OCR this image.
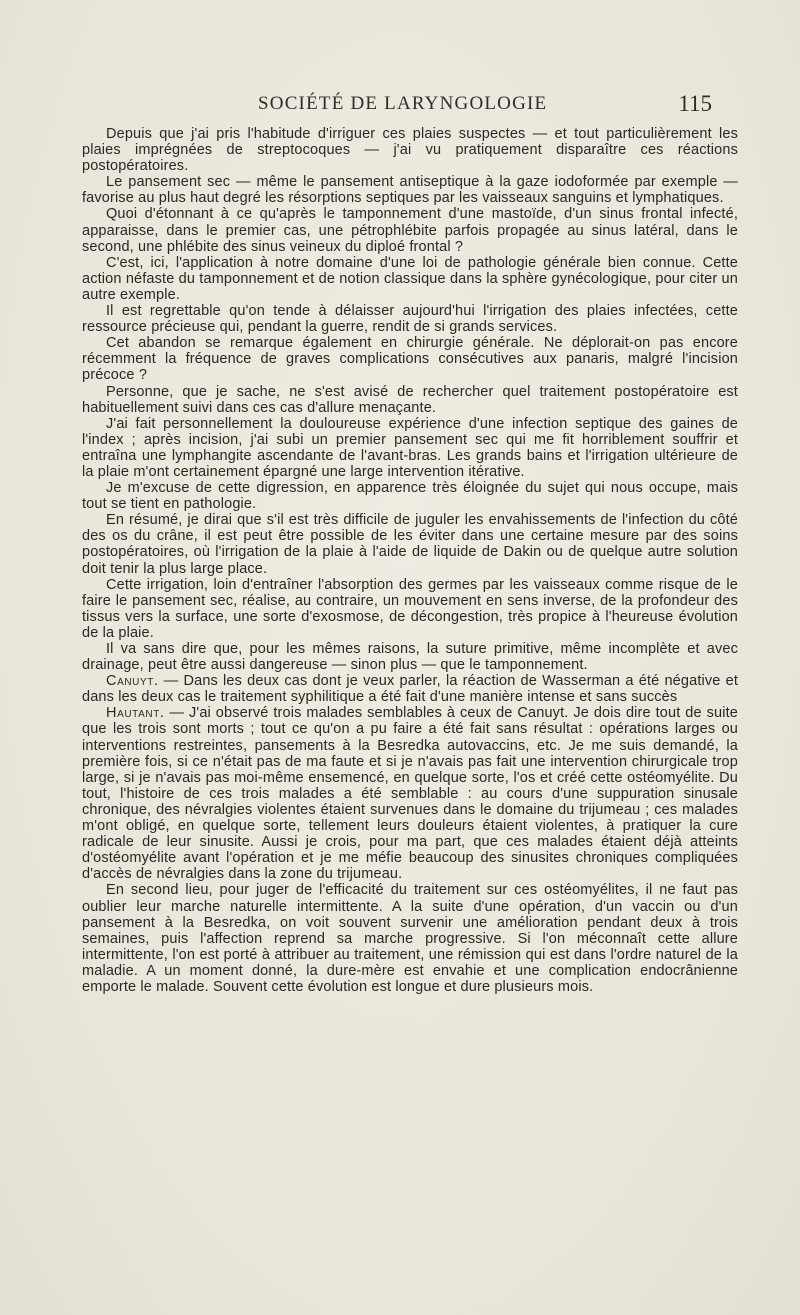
SOCIÉTÉ DE LARYNGOLOGIE	115

Depuis que j'ai pris l'habitude d'irriguer ces plaies suspectes — et tout particulièrement les plaies imprégnées de streptocoques — j'ai vu pratiquement disparaître ces réactions postopératoires.

Le pansement sec — même le pansement antiseptique à la gaze iodoformée par exemple — favorise au plus haut degré les résorptions septiques par les vaisseaux sanguins et lymphatiques.

Quoi d'étonnant à ce qu'après le tamponnement d'une mastoïde, d'un sinus frontal infecté, apparaisse, dans le premier cas, une pétrophlébite parfois propagée au sinus latéral, dans le second, une phlébite des sinus veineux du diploé frontal ?

C'est, ici, l'application à notre domaine d'une loi de pathologie générale bien connue. Cette action néfaste du tamponnement et de notion classique dans la sphère gynécologique, pour citer un autre exemple.

Il est regrettable qu'on tende à délaisser aujourd'hui l'irrigation des plaies infectées, cette ressource précieuse qui, pendant la guerre, rendit de si grands services.

Cet abandon se remarque également en chirurgie générale. Ne déplorait-on pas encore récemment la fréquence de graves complications consécutives aux panaris, malgré l'incision précoce ?

Personne, que je sache, ne s'est avisé de rechercher quel traitement postopératoire est habituellement suivi dans ces cas d'allure menaçante.

J'ai fait personnellement la douloureuse expérience d'une infection septique des gaines de l'index ; après incision, j'ai subi un premier pansement sec qui me fit horriblement souffrir et entraîna une lymphangite ascendante de l'avant-bras. Les grands bains et l'irrigation ultérieure de la plaie m'ont certainement épargné une large intervention itérative.

Je m'excuse de cette digression, en apparence très éloignée du sujet qui nous occupe, mais tout se tient en pathologie.

En résumé, je dirai que s'il est très difficile de juguler les envahissements de l'infection du côté des os du crâne, il est peut être possible de les éviter dans une certaine mesure par des soins postopératoires, où l'irrigation de la plaie à l'aide de liquide de Dakin ou de quelque autre solution doit tenir la plus large place.

Cette irrigation, loin d'entraîner l'absorption des germes par les vaisseaux comme risque de le faire le pansement sec, réalise, au contraire, un mouvement en sens inverse, de la profondeur des tissus vers la surface, une sorte d'exosmose, de décongestion, très propice à l'heureuse évolution de la plaie.

Il va sans dire que, pour les mêmes raisons, la suture primitive, même incomplète et avec drainage, peut être aussi dangereuse — sinon plus — que le tamponnement.

Canuyt. — Dans les deux cas dont je veux parler, la réaction de Wasserman a été négative et dans les deux cas le traitement syphilitique a été fait d'une manière intense et sans succès

Hautant. — J'ai observé trois malades semblables à ceux de Canuyt. Je dois dire tout de suite que les trois sont morts ; tout ce qu'on a pu faire a été fait sans résultat : opérations larges ou interventions restreintes, pansements à la Besredka autovaccins, etc. Je me suis demandé, la première fois, si ce n'était pas de ma faute et si je n'avais pas fait une intervention chirurgicale trop large, si je n'avais pas moi-même ensemencé, en quelque sorte, l'os et créé cette ostéomyélite. Du tout, l'histoire de ces trois malades a été semblable : au cours d'une suppuration sinusale chronique, des névralgies violentes étaient survenues dans le domaine du trijumeau ; ces malades m'ont obligé, en quelque sorte, tellement leurs douleurs étaient violentes, à pratiquer la cure radicale de leur sinusite. Aussi je crois, pour ma part, que ces malades étaient déjà atteints d'ostéomyélite avant l'opération et je me méfie beaucoup des sinusites chroniques compliquées d'accès de névralgies dans la zone du trijumeau.

En second lieu, pour juger de l'efficacité du traitement sur ces ostéomyélites, il ne faut pas oublier leur marche naturelle intermittente. A la suite d'une opération, d'un vaccin ou d'un pansement à la Besredka, on voit souvent survenir une amélioration pendant deux à trois semaines, puis l'affection reprend sa marche progressive. Si l'on méconnaît cette allure intermittente, l'on est porté à attribuer au traitement, une rémission qui est dans l'ordre naturel de la maladie. A un moment donné, la dure-mère est envahie et une complication endocrânienne emporte le malade. Souvent cette évolution est longue et dure plusieurs mois.
